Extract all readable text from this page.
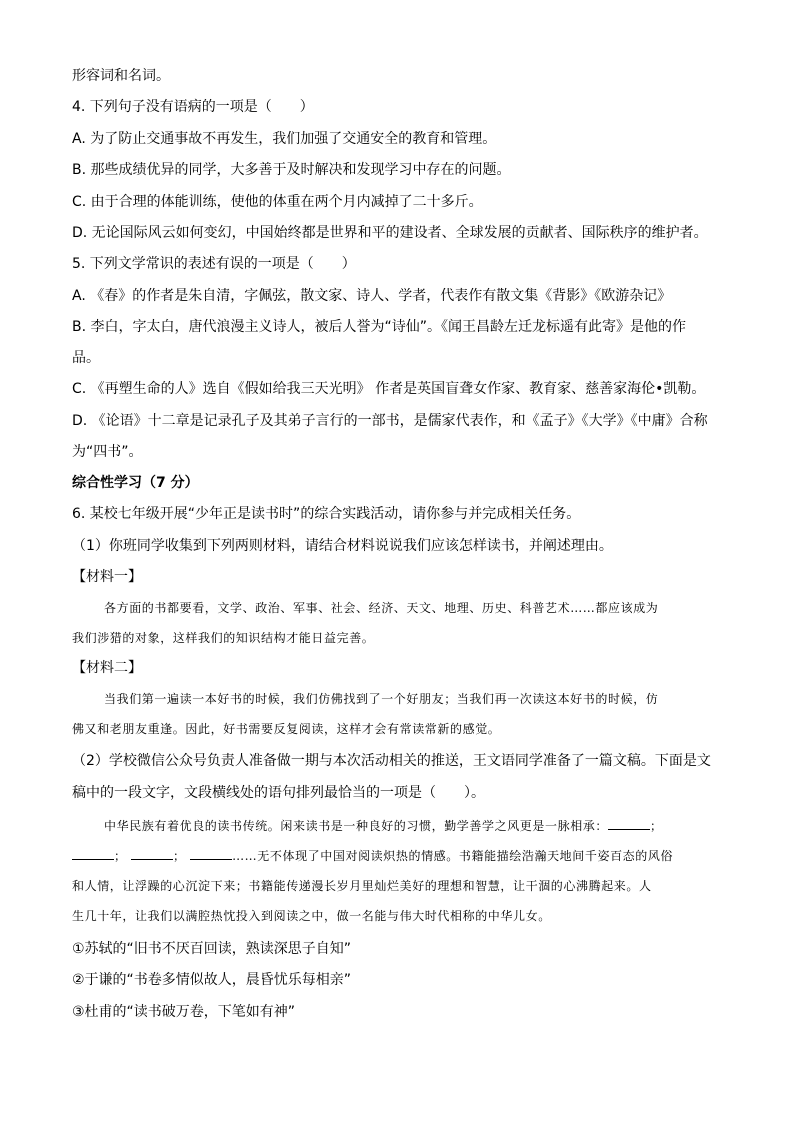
形容词和名词。
4. 下列句子没有语病的一项是（　　）
A. 为了防止交通事故不再发生，我们加强了交通安全的教育和管理。
B. 那些成绩优异的同学，大多善于及时解决和发现学习中存在的问题。
C. 由于合理的体能训练，使他的体重在两个月内减掉了二十多斤。
D. 无论国际风云如何变幻，中国始终都是世界和平的建设者、全球发展的贡献者、国际秩序的维护者。
5. 下列文学常识的表述有误的一项是（　　）
A. 《春》的作者是朱自清，字佩弦，散文家、诗人、学者，代表作有散文集《背影》《欧游杂记》
B. 李白，字太白，唐代浪漫主义诗人，被后人誉为“诗仙”。《闻王昌龄左迁龙标遥有此寄》是他的作
品。
C. 《再塑生命的人》选自《假如给我三天光明》 作者是英国盲聋女作家、教育家、慈善家海伦•凯勒。
D. 《论语》十二章是记录孔子及其弟子言行的一部书，是儒家代表作，和《孟子》《大学》《中庸》合称
为“四书”。
综合性学习（7 分）
6. 某校七年级开展“少年正是读书时”的综合实践活动，请你参与并完成相关任务。
（1）你班同学收集到下列两则材料，请结合材料说说我们应该怎样读书，并阐述理由。
【材料一】
各方面的书都要看，文学、政治、军事、社会、经济、天文、地理、历史、科普艺术……都应该成为
我们涉猎的对象，这样我们的知识结构才能日益完善。
【材料二】
当我们第一遍读一本好书的时候，我们仿佛找到了一个好朋友；当我们再一次读这本好书的时候，仿
佛又和老朋友重逢。因此，好书需要反复阅读，这样才会有常读常新的感觉。
（2）学校微信公众号负责人准备做一期与本次活动相关的推送，王文语同学准备了一篇文稿。下面是文
稿中的一段文字，文段横线处的语句排列最恰当的一项是（　　）。
中华民族有着优良的读书传统。闲来读书是一种良好的习惯，勤学善学之风更是一脉相承：	；
；	；	……无不体现了中国对阅读炽热的情感。书籍能描绘浩瀚天地间千姿百态的风俗
和人情，让浮躁的心沉淀下来；书籍能传递漫长岁月里灿烂美好的理想和智慧，让干涸的心沸腾起来。人
生几十年，让我们以满腔热忱投入到阅读之中，做一名能与伟大时代相称的中华儿女。
①苏轼的“旧书不厌百回读，熟读深思子自知”
②于谦的“书卷多情似故人，晨昏忧乐每相亲”
③杜甫的“读书破万卷，下笔如有神”
